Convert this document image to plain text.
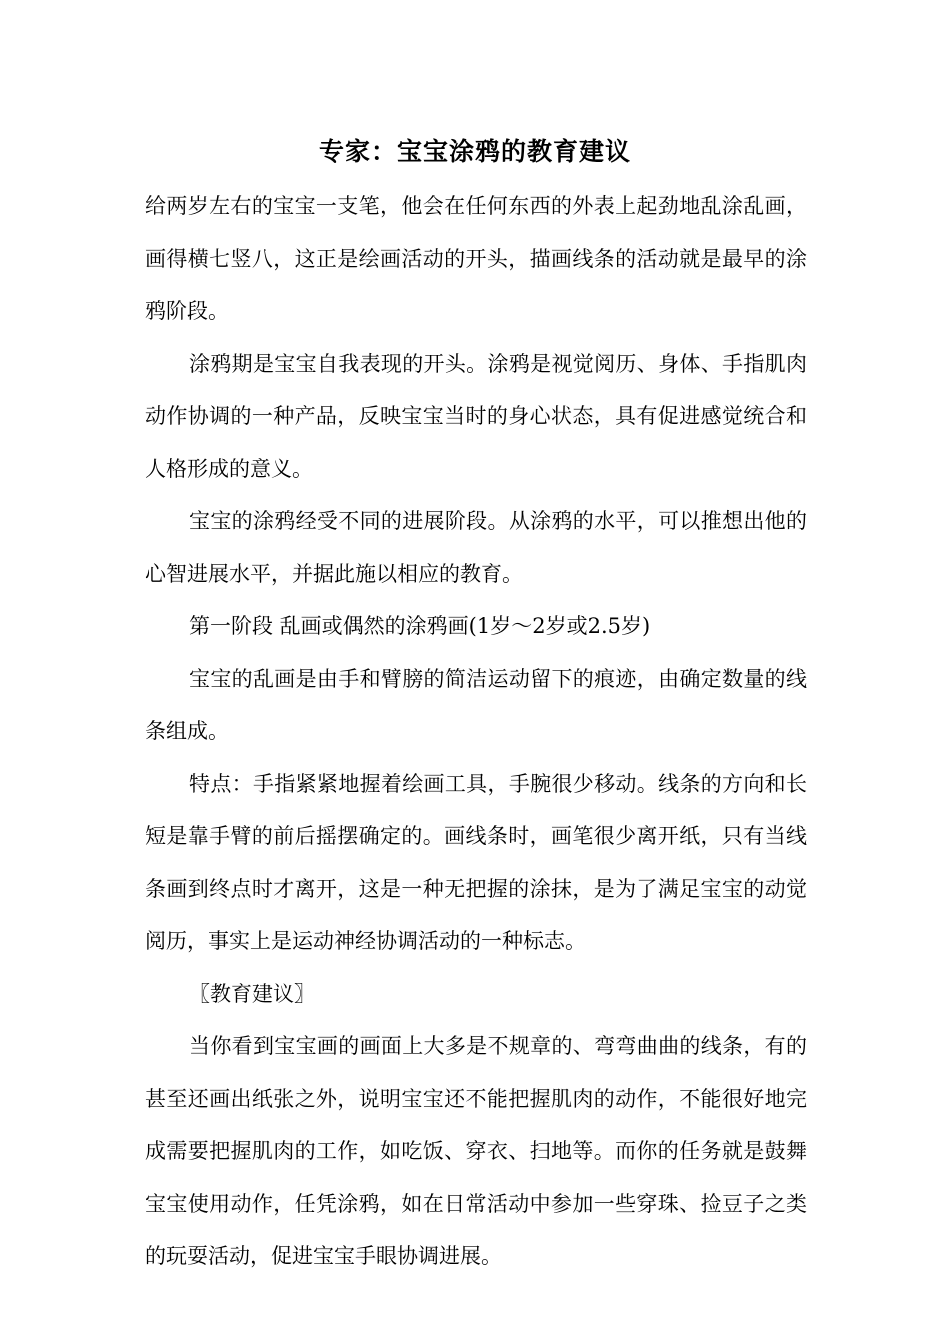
专家：宝宝涂鸦的教育建议

给两岁左右的宝宝一支笔，他会在任何东西的外表上起劲地乱涂乱画，画得横七竖八，这正是绘画活动的开头，描画线条的活动就是最早的涂鸦阶段。

涂鸦期是宝宝自我表现的开头。涂鸦是视觉阅历、身体、手指肌肉动作协调的一种产品，反映宝宝当时的身心状态，具有促进感觉统合和人格形成的意义。

宝宝的涂鸦经受不同的进展阶段。从涂鸦的水平，可以推想出他的心智进展水平，并据此施以相应的教育。

第一阶段 乱画或偶然的涂鸦画(1岁～2岁或2.5岁)

宝宝的乱画是由手和臂膀的简洁运动留下的痕迹，由确定数量的线条组成。

特点：手指紧紧地握着绘画工具，手腕很少移动。线条的方向和长短是靠手臂的前后摇摆确定的。画线条时，画笔很少离开纸，只有当线条画到终点时才离开，这是一种无把握的涂抹，是为了满足宝宝的动觉阅历，事实上是运动神经协调活动的一种标志。

〖教育建议〗

当你看到宝宝画的画面上大多是不规章的、弯弯曲曲的线条，有的甚至还画出纸张之外，说明宝宝还不能把握肌肉的动作，不能很好地完成需要把握肌肉的工作，如吃饭、穿衣、扫地等。而你的任务就是鼓舞宝宝使用动作，任凭涂鸦，如在日常活动中参加一些穿珠、捡豆子之类的玩耍活动，促进宝宝手眼协调进展。
